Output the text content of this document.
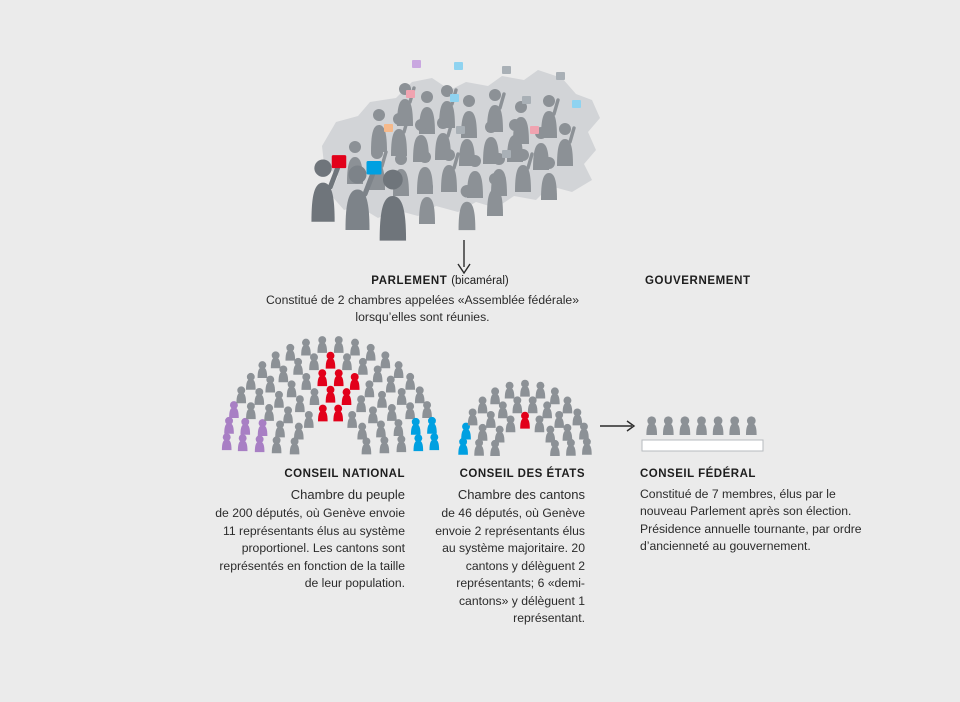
PARLEMENT (bicaméral)	GOUVERNEMENT
Constitué de 2 chambres appelées «Assemblée fédérale» lorsqu’elles sont réunies.
CONSEIL NATIONAL
Chambre du peuple
de 200 députés, où Genève envoie 11 représentants élus au système proportionel. Les cantons sont représentés en fonction de la taille de leur population.
CONSEIL DES ÉTATS
Chambre des cantons
de 46 députés, où Genève envoie 2 représentants élus au système majoritaire. 20 cantons y délèguent 2 représentants; 6 «demi-cantons» y délèguent 1 représentant.
CONSEIL FÉDÉRAL
Constitué de 7 membres, élus par le nouveau Parlement après son élection. Présidence annuelle tournante, par ordre d’ancienneté au gouvernement.
